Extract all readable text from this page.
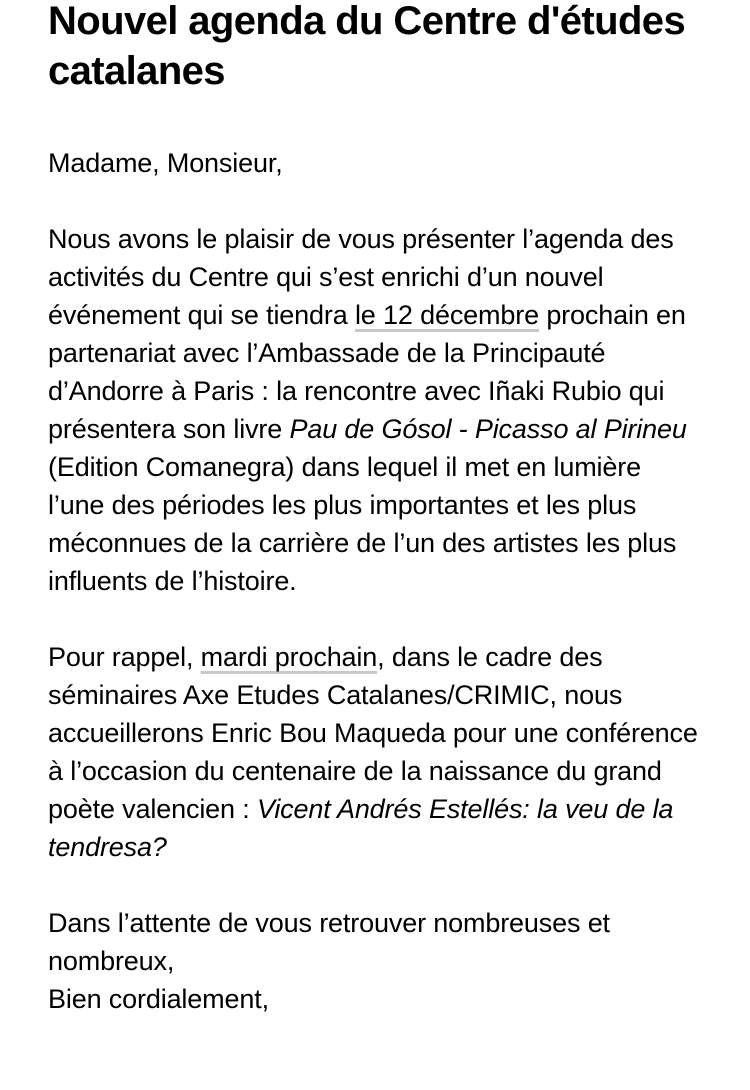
Nouvel agenda du Centre d'études catalanes

Madame, Monsieur,

Nous avons le plaisir de vous présenter l’agenda des activités du Centre qui s’est enrichi d’un nouvel événement qui se tiendra le 12 décembre prochain en partenariat avec l’Ambassade de la Principauté d’Andorre à Paris : la rencontre avec Iñaki Rubio qui présentera son livre Pau de Gósol - Picasso al Pirineu (Edition Comanegra) dans lequel il met en lumière l’une des périodes les plus importantes et les plus méconnues de la carrière de l’un des artistes les plus influents de l’histoire.

Pour rappel, mardi prochain, dans le cadre des séminaires Axe Etudes Catalanes/CRIMIC, nous accueillerons Enric Bou Maqueda pour une conférence à l’occasion du centenaire de la naissance du grand poète valencien : Vicent Andrés Estellés: la veu de la tendresa?

Dans l’attente de vous retrouver nombreuses et nombreux,
Bien cordialement,
